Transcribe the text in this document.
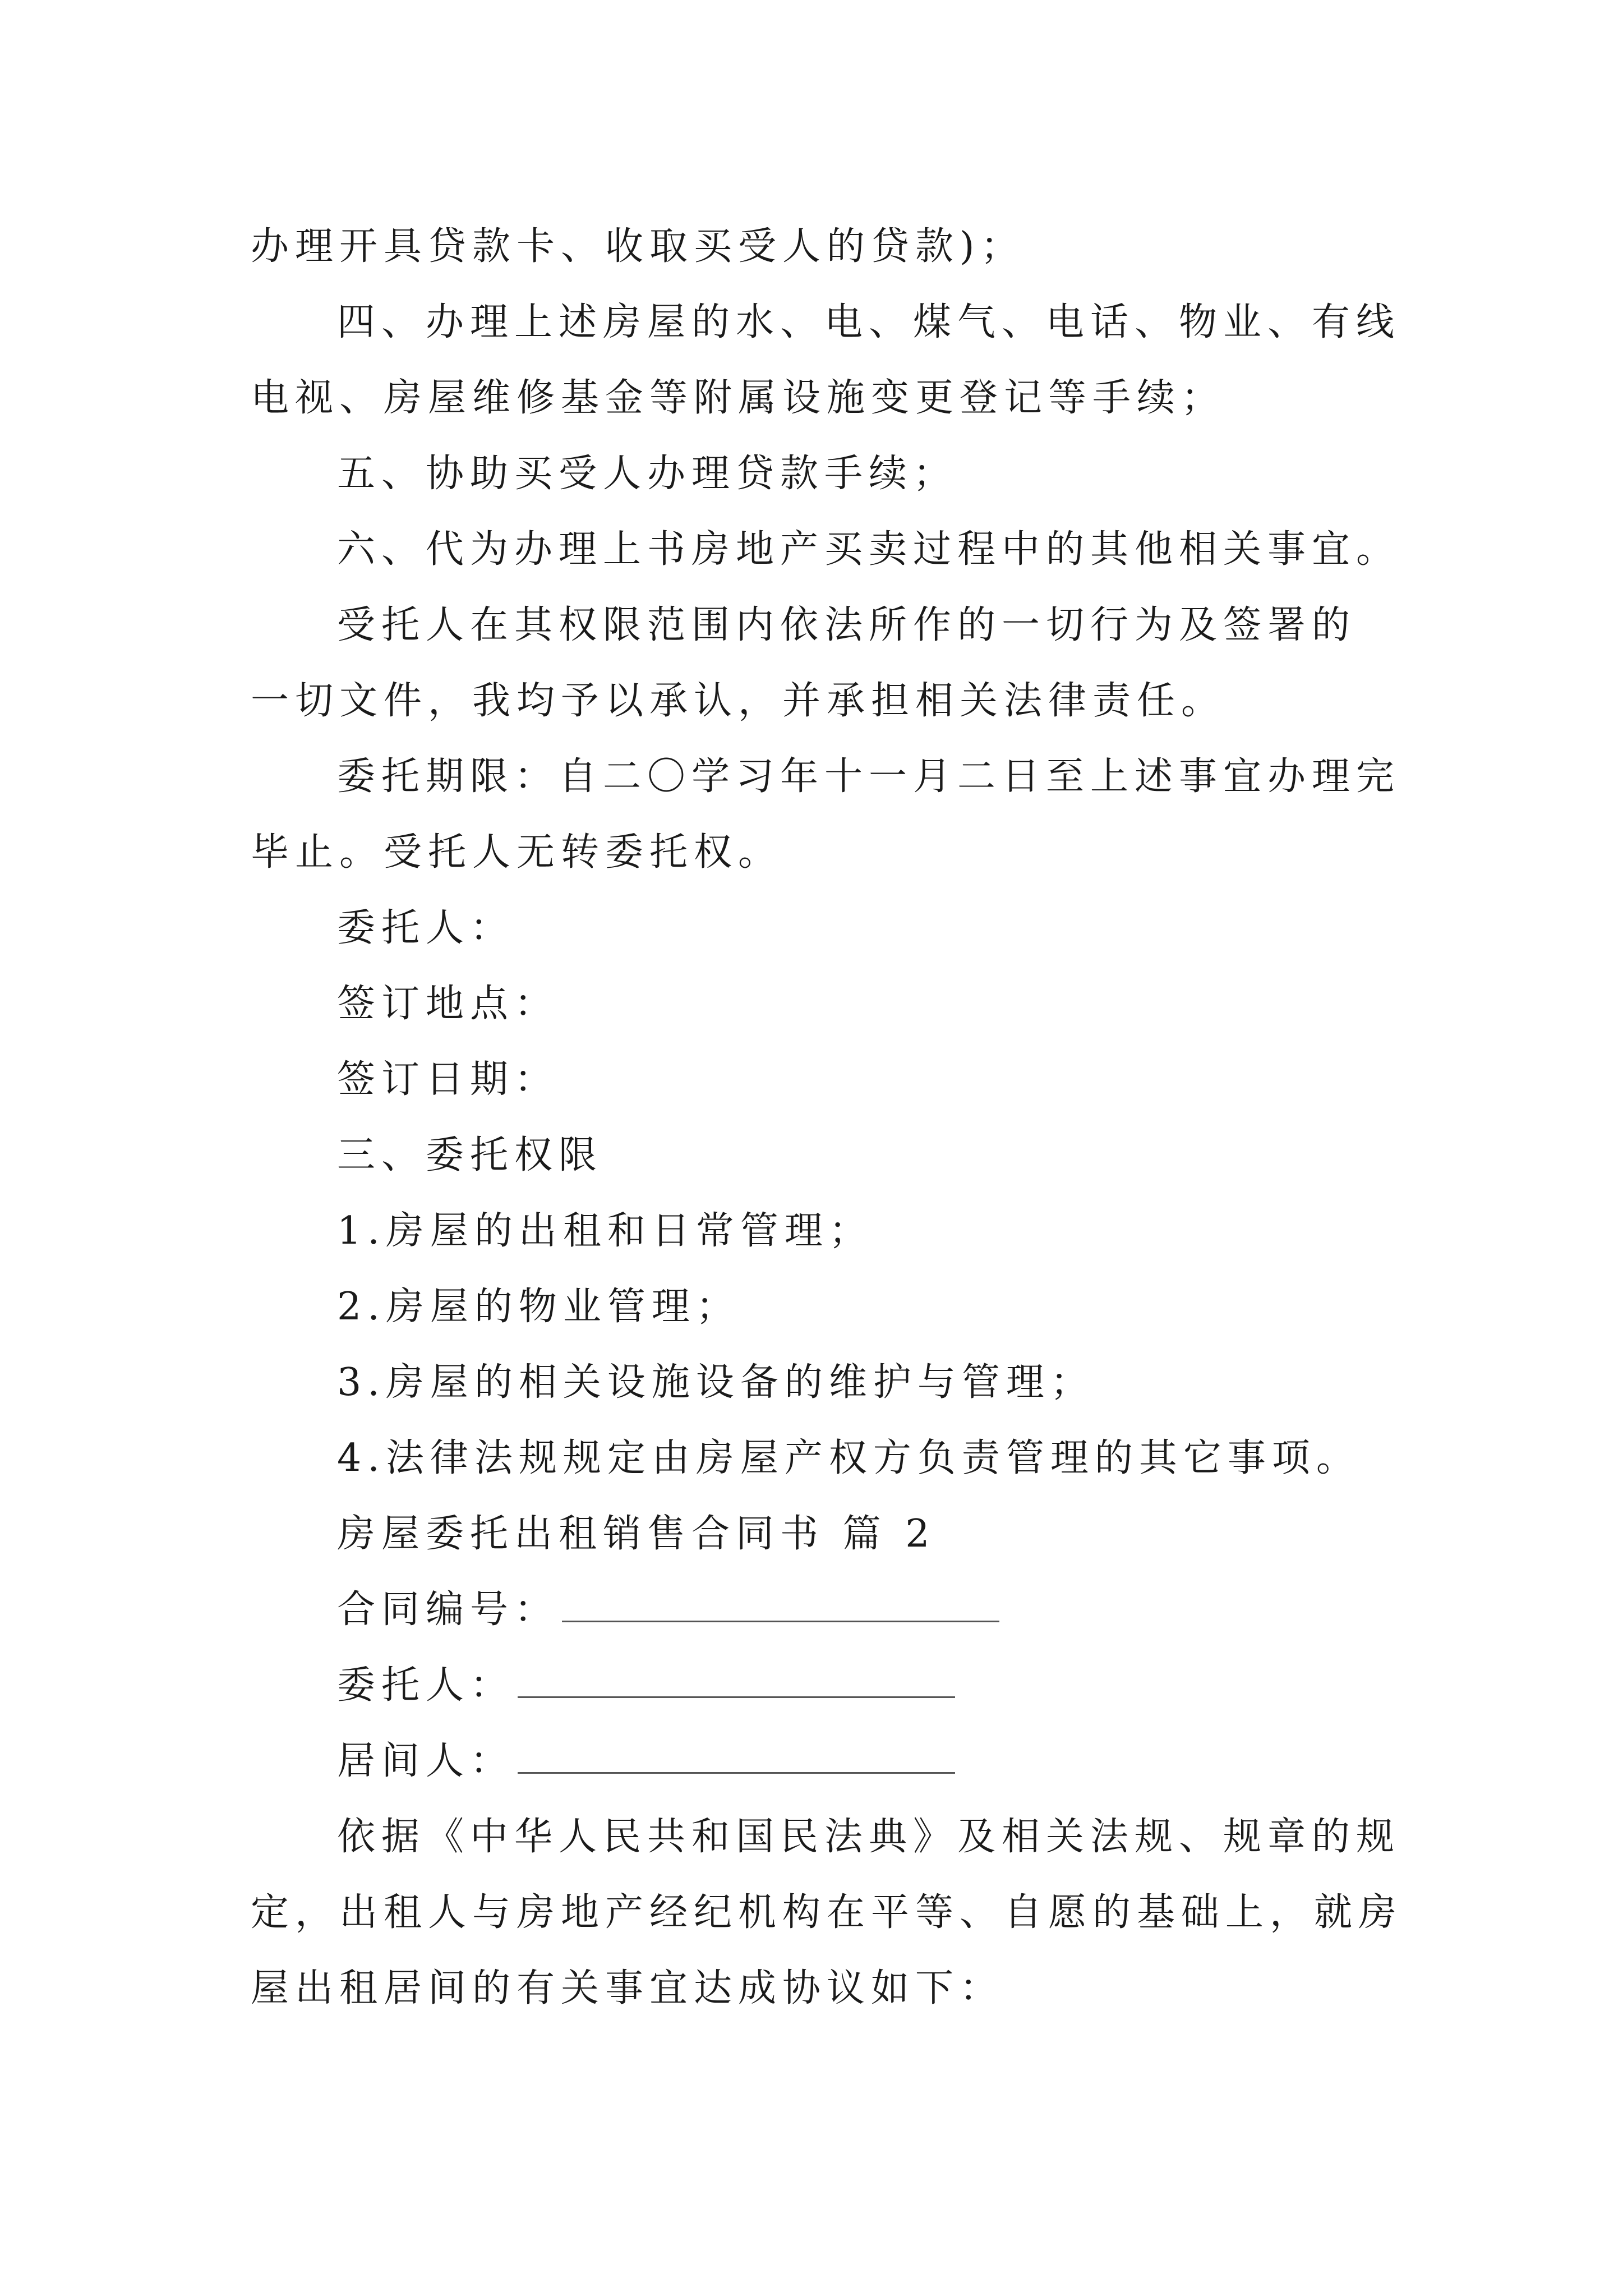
办理开具贷款卡、收取买受人的贷款)；
四、办理上述房屋的水、电、煤气、电话、物业、有线
电视、房屋维修基金等附属设施变更登记等手续；
五、协助买受人办理贷款手续；
六、代为办理上书房地产买卖过程中的其他相关事宜。
受托人在其权限范围内依法所作的一切行为及签署的
一切文件，我均予以承认，并承担相关法律责任。
委托期限：自二〇学习年十一月二日至上述事宜办理完
毕止。受托人无转委托权。
委托人：
签订地点：
签订日期：
三、委托权限
1.房屋的出租和日常管理；
2.房屋的物业管理；
3.房屋的相关设施设备的维护与管理；
4.法律法规规定由房屋产权方负责管理的其它事项。
房屋委托出租销售合同书 篇 2
合同编号：
委托人：
居间人：
依据《中华人民共和国民法典》及相关法规、规章的规
定，出租人与房地产经纪机构在平等、自愿的基础上，就房
屋出租居间的有关事宜达成协议如下：
